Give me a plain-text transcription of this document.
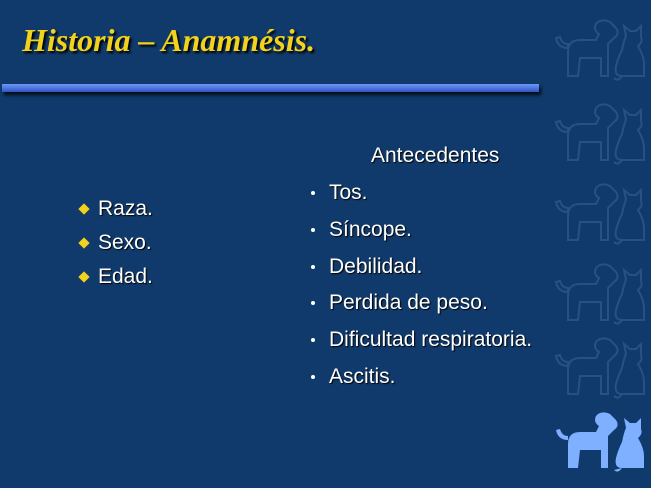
Historia – Anamnésis.
Raza.
Sexo.
Edad.
Antecedentes
Tos.
Síncope.
Debilidad.
Perdida de peso.
Dificultad respiratoria.
Ascitis.
